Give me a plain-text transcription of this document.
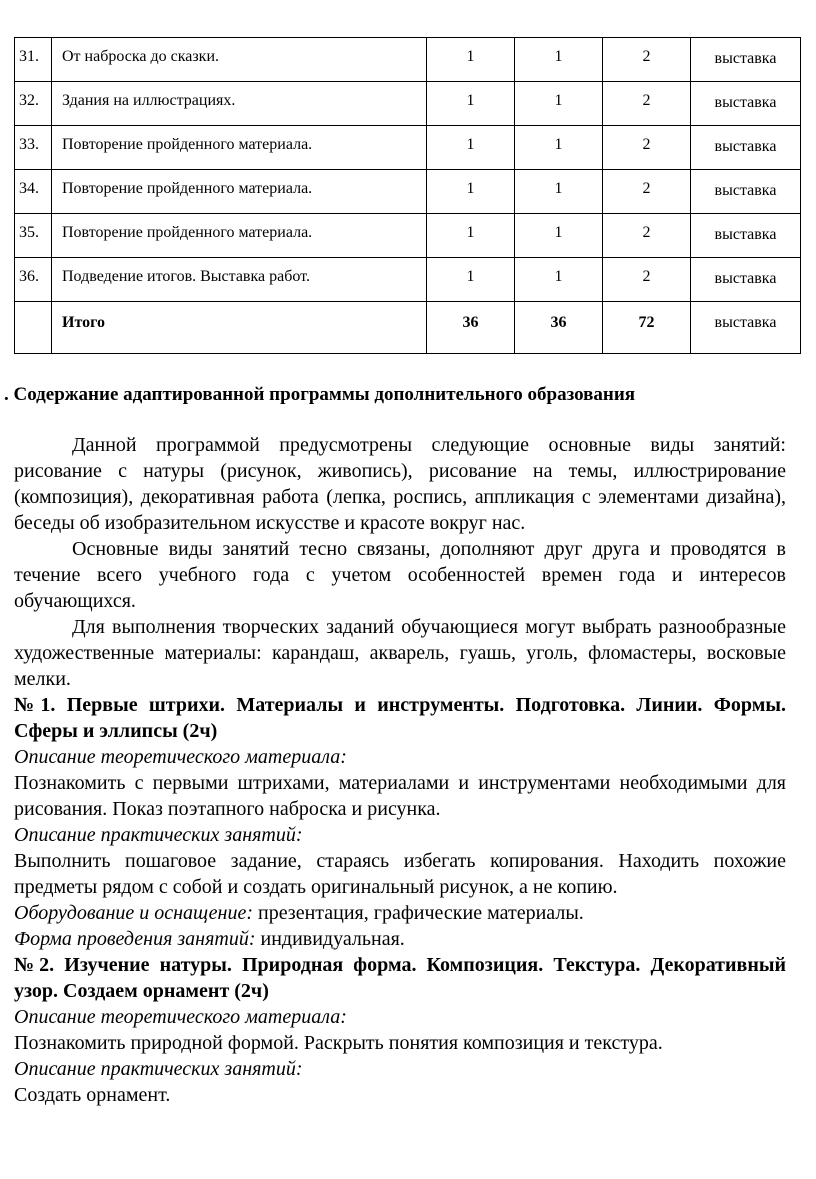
31.	От наброска до сказки.	1	1	2	выставка
32.	Здания на иллюстрациях.	1	1	2	выставка
33.	Повторение пройденного материала.	1	1	2	выставка
34.	Повторение пройденного материала.	1	1	2	выставка
35.	Повторение пройденного материала.	1	1	2	выставка
36.	Подведение итогов. Выставка работ.	1	1	2	выставка
	Итого	36	36	72	выставка
. Содержание адаптированной программы дополнительного образования

Данной программой предусмотрены следующие основные виды занятий: рисование с натуры (рисунок, живопись), рисование на темы, иллюстрирование (композиция), декоративная работа (лепка, роспись, аппликация с элементами дизайна), беседы об изобразительном искусстве и красоте вокруг нас.

Основные виды занятий тесно связаны, дополняют друг друга и проводятся в течение всего учебного года с учетом особенностей времен года и интересов обучающихся.

Для выполнения творческих заданий обучающиеся могут выбрать разнообразные художественные материалы: карандаш, акварель, гуашь, уголь, фломастеры, восковые мелки.

№1. Первые штрихи. Материалы и инструменты. Подготовка. Линии. Формы. Сферы и эллипсы (2ч)

Описание теоретического материала:

Познакомить с первыми штрихами, материалами и инструментами необходимыми для рисования. Показ поэтапного наброска и рисунка.

Описание практических занятий:

Выполнить пошаговое задание, стараясь избегать копирования. Находить похожие предметы рядом с собой и создать оригинальный рисунок, а не копию.

Оборудование и оснащение: презентация, графические материалы.

Форма проведения занятий: индивидуальная.

№2. Изучение натуры. Природная форма. Композиция. Текстура. Декоративный узор. Создаем орнамент (2ч)

Описание теоретического материала:

Познакомить природной формой. Раскрыть понятия композиция и текстура.

Описание практических занятий:

Создать орнамент.
